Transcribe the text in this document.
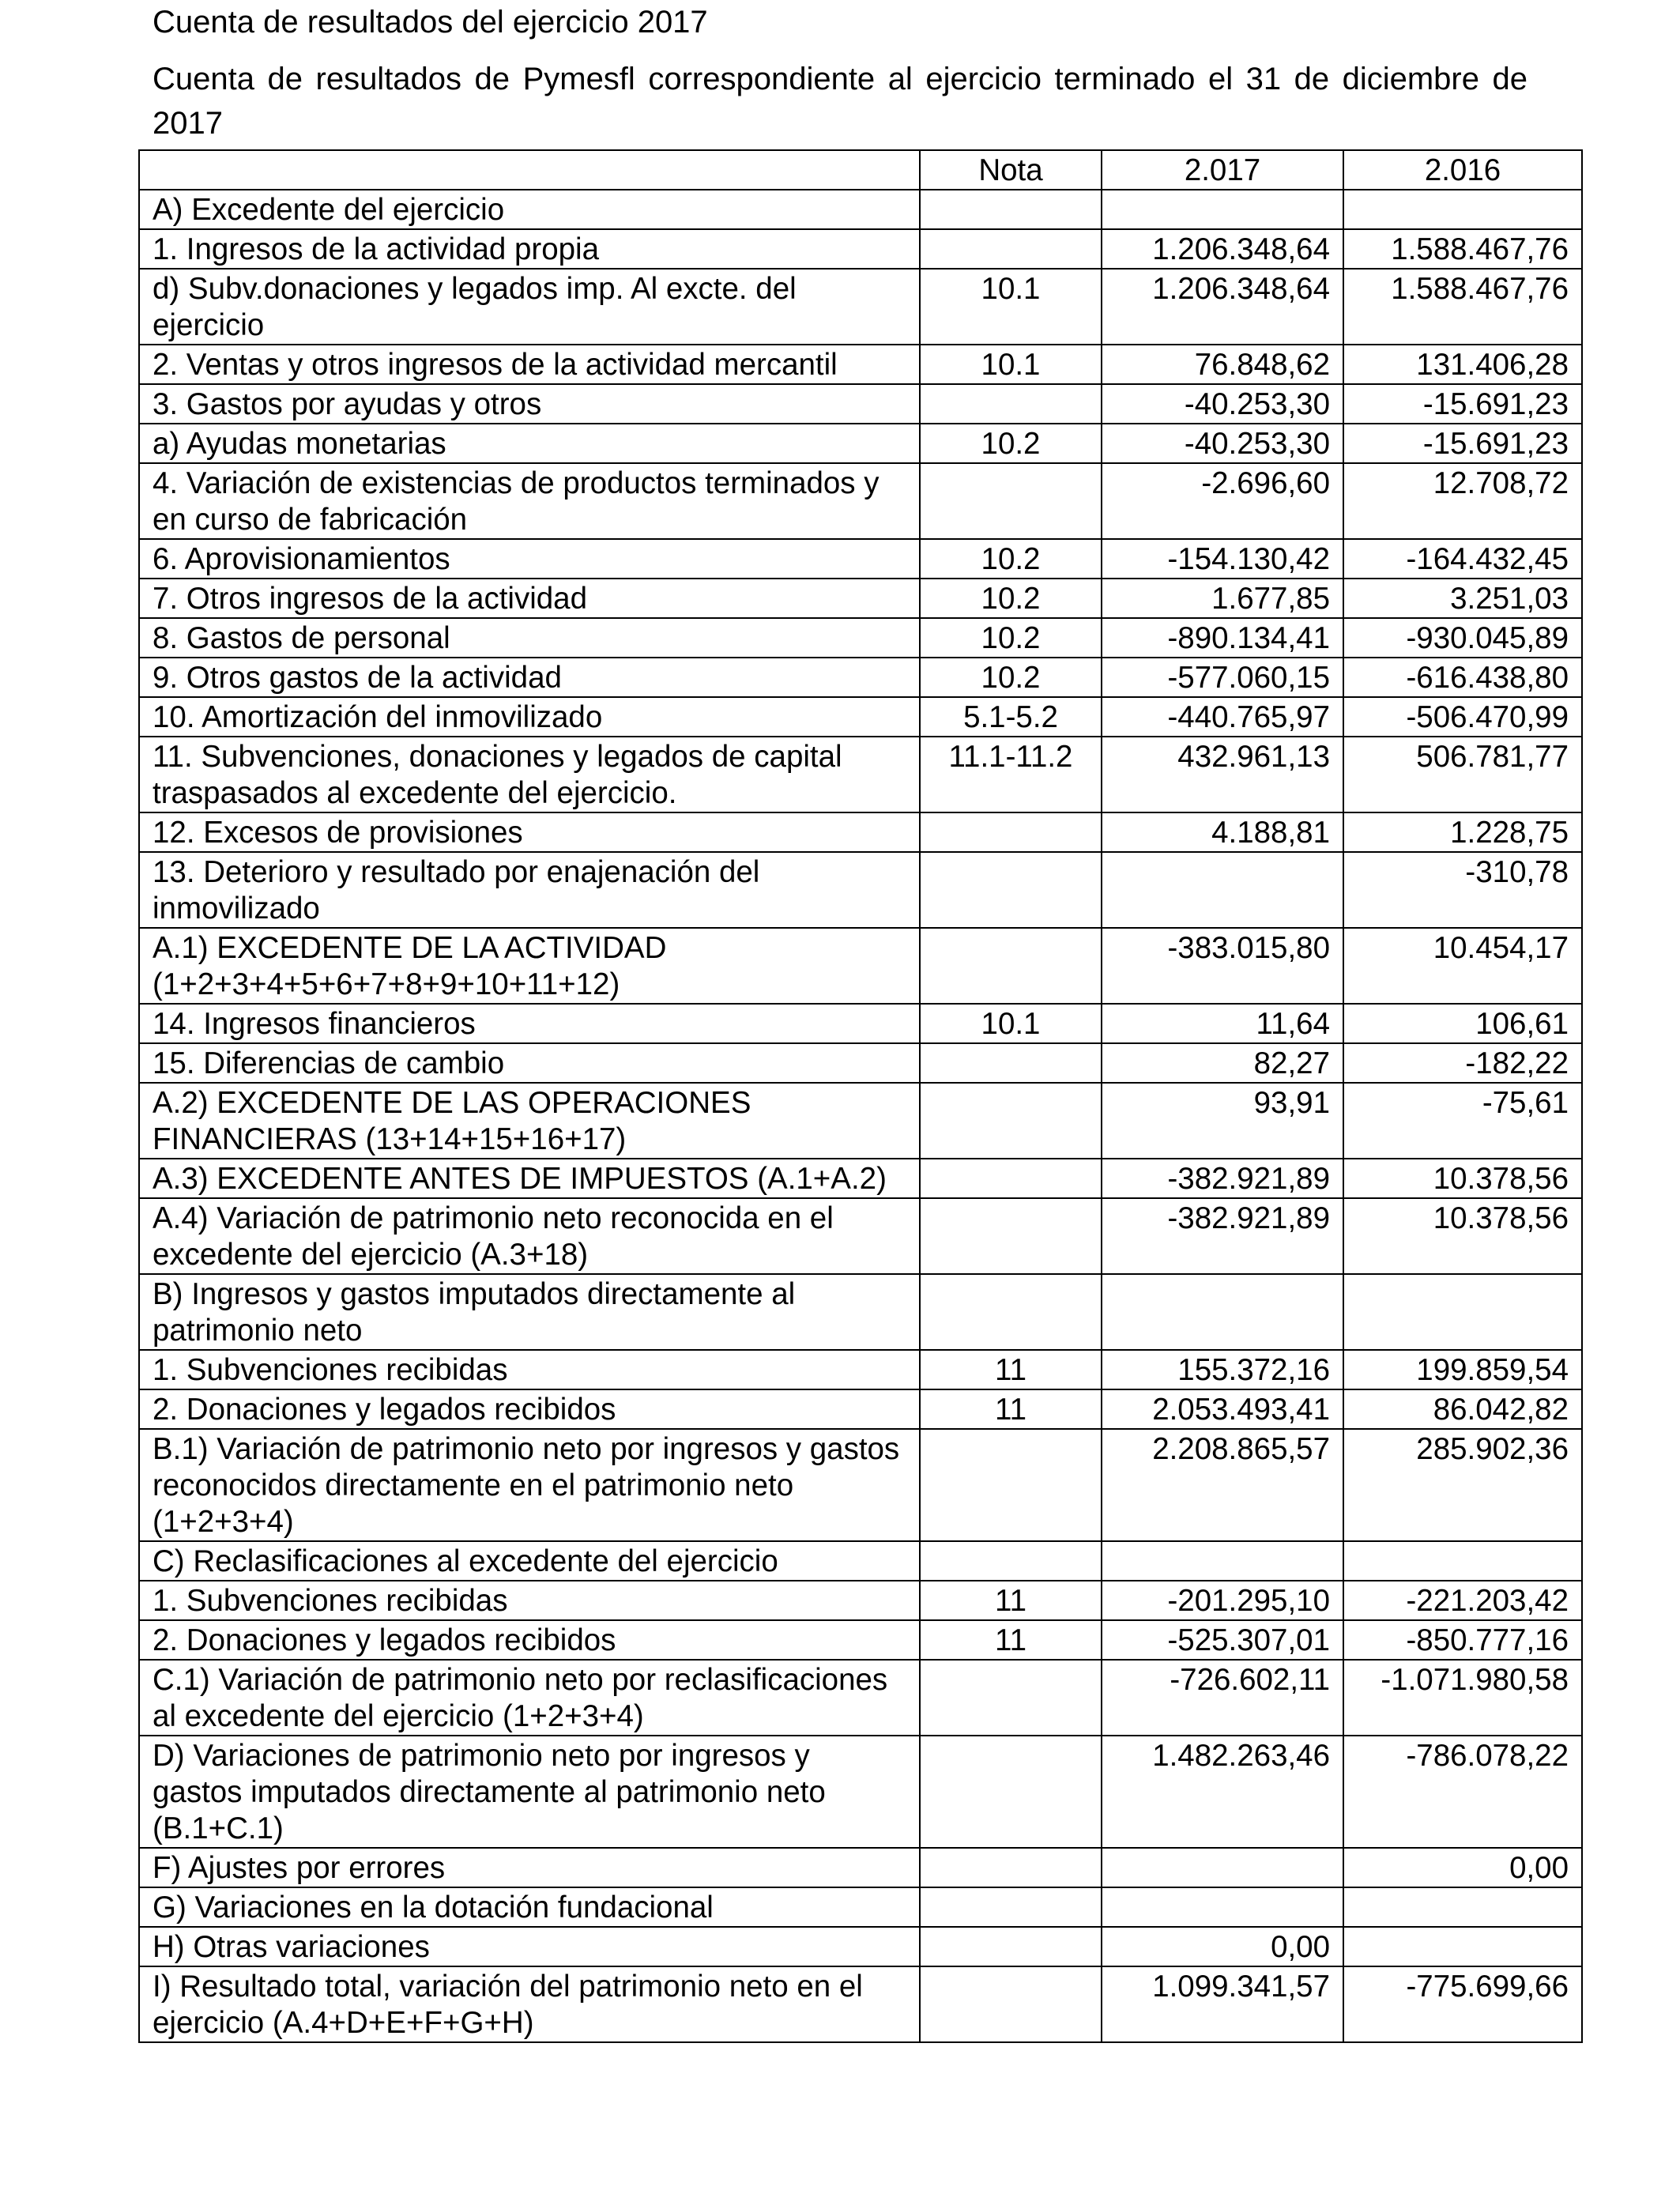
Cuenta de resultados del ejercicio 2017

Cuenta de resultados de Pymesfl correspondiente al ejercicio terminado el 31 de diciembre de 2017

	Nota	2.017	2.016
A) Excedente del ejercicio			
1. Ingresos de la actividad propia		1.206.348,64	1.588.467,76
d) Subv.donaciones y legados imp. Al excte. del ejercicio	10.1	1.206.348,64	1.588.467,76
2. Ventas y otros ingresos de la actividad mercantil	10.1	76.848,62	131.406,28
3. Gastos por ayudas y otros		-40.253,30	-15.691,23
a) Ayudas monetarias	10.2	-40.253,30	-15.691,23
4. Variación de existencias de productos terminados y en curso de fabricación		-2.696,60	12.708,72
6. Aprovisionamientos	10.2	-154.130,42	-164.432,45
7. Otros ingresos de la actividad	10.2	1.677,85	3.251,03
8. Gastos de personal	10.2	-890.134,41	-930.045,89
9. Otros gastos de la actividad	10.2	-577.060,15	-616.438,80
10. Amortización del inmovilizado	5.1-5.2	-440.765,97	-506.470,99
11. Subvenciones, donaciones y legados de capital traspasados al excedente del ejercicio.	11.1-11.2	432.961,13	506.781,77
12. Excesos de provisiones		4.188,81	1.228,75
13. Deterioro y resultado por enajenación del inmovilizado			-310,78
A.1) EXCEDENTE DE LA ACTIVIDAD (1+2+3+4+5+6+7+8+9+10+11+12)		-383.015,80	10.454,17
14. Ingresos financieros	10.1	11,64	106,61
15. Diferencias de cambio		82,27	-182,22
A.2) EXCEDENTE DE LAS OPERACIONES FINANCIERAS (13+14+15+16+17)		93,91	-75,61
A.3) EXCEDENTE ANTES DE IMPUESTOS (A.1+A.2)		-382.921,89	10.378,56
A.4) Variación de patrimonio neto reconocida en el excedente del ejercicio (A.3+18)		-382.921,89	10.378,56
B) Ingresos y gastos imputados directamente al patrimonio neto			
1. Subvenciones recibidas	11	155.372,16	199.859,54
2. Donaciones y legados recibidos	11	2.053.493,41	86.042,82
B.1) Variación de patrimonio neto por ingresos y gastos reconocidos directamente en el patrimonio neto (1+2+3+4)		2.208.865,57	285.902,36
C) Reclasificaciones al excedente del ejercicio			
1. Subvenciones recibidas	11	-201.295,10	-221.203,42
2. Donaciones y legados recibidos	11	-525.307,01	-850.777,16
C.1) Variación de patrimonio neto por reclasificaciones al excedente del ejercicio (1+2+3+4)		-726.602,11	-1.071.980,58
D) Variaciones de patrimonio neto por ingresos y gastos imputados directamente al patrimonio neto (B.1+C.1)		1.482.263,46	-786.078,22
F) Ajustes por errores			0,00
G) Variaciones en la dotación fundacional			
H) Otras variaciones		0,00	
I) Resultado total, variación del patrimonio neto en el ejercicio (A.4+D+E+F+G+H)		1.099.341,57	-775.699,66
